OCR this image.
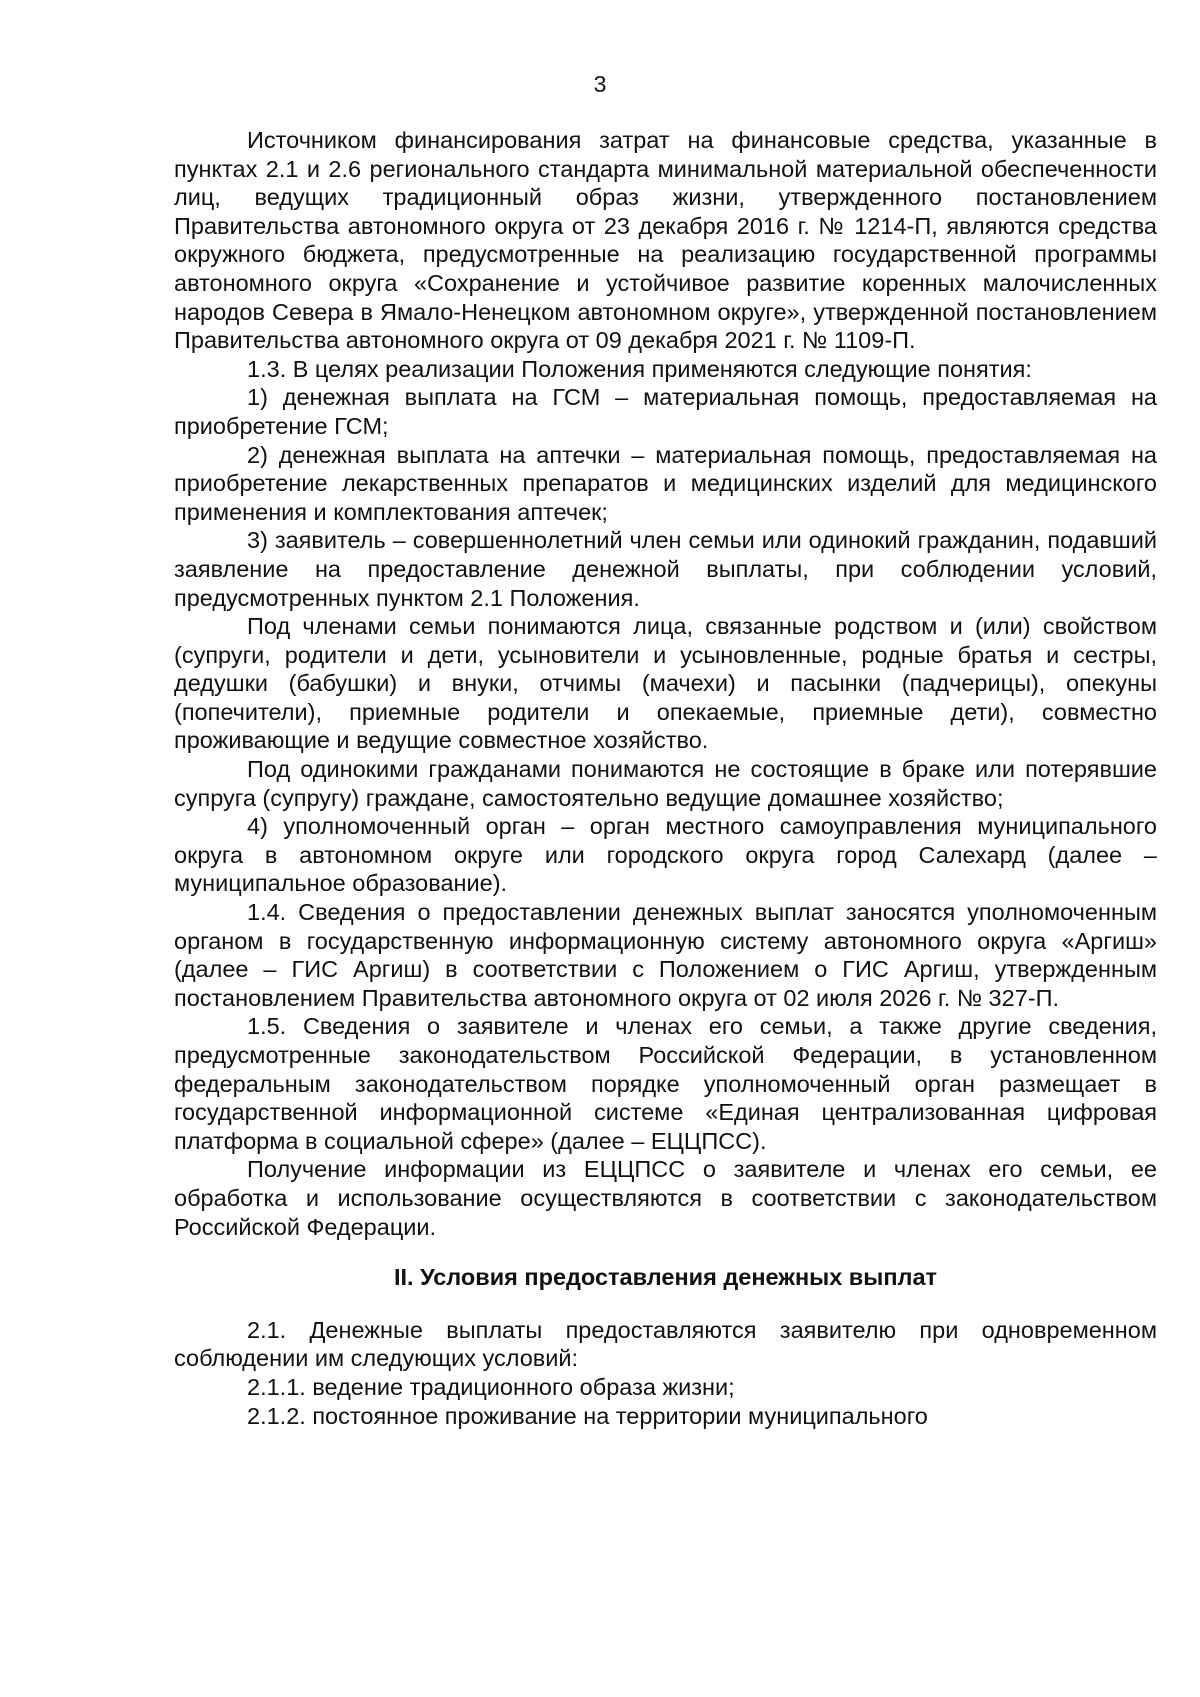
3

Источником финансирования затрат на финансовые средства, указанные в пунктах 2.1 и 2.6 регионального стандарта минимальной материальной обеспеченности лиц, ведущих традиционный образ жизни, утвержденного постановлением Правительства автономного округа от 23 декабря 2016 г. № 1214-П, являются средства окружного бюджета, предусмотренные на реализацию государственной программы автономного округа «Сохранение и устойчивое развитие коренных малочисленных народов Севера в Ямало-Ненецком автономном округе», утвержденной постановлением Правительства автономного округа от 09 декабря 2021 г. № 1109-П.

1.3. В целях реализации Положения применяются следующие понятия:

1) денежная выплата на ГСМ – материальная помощь, предоставляемая на приобретение ГСМ;

2) денежная выплата на аптечки – материальная помощь, предоставляемая на приобретение лекарственных препаратов и медицинских изделий для медицинского применения и комплектования аптечек;

3) заявитель – совершеннолетний член семьи или одинокий гражданин, подавший заявление на предоставление денежной выплаты, при соблюдении условий, предусмотренных пунктом 2.1 Положения.

Под членами семьи понимаются лица, связанные родством и (или) свойством (супруги, родители и дети, усыновители и усыновленные, родные братья и сестры, дедушки (бабушки) и внуки, отчимы (мачехи) и пасынки (падчерицы), опекуны (попечители), приемные родители и опекаемые, приемные дети), совместно проживающие и ведущие совместное хозяйство.

Под одинокими гражданами понимаются не состоящие в браке или потерявшие супруга (супругу) граждане, самостоятельно ведущие домашнее хозяйство;

4) уполномоченный орган – орган местного самоуправления муниципального округа в автономном округе или городского округа город Салехард (далее – муниципальное образование).

1.4. Сведения о предоставлении денежных выплат заносятся уполномоченным органом в государственную информационную систему автономного округа «Аргиш» (далее – ГИС Аргиш) в соответствии с Положением о ГИС Аргиш, утвержденным постановлением Правительства автономного округа от 02 июля 2026 г. № 327-П.

1.5. Сведения о заявителе и членах его семьи, а также другие сведения, предусмотренные законодательством Российской Федерации, в установленном федеральным законодательством порядке уполномоченный орган размещает в государственной информационной системе «Единая централизованная цифровая платформа в социальной сфере» (далее – ЕЦЦПСС).

Получение информации из ЕЦЦПСС о заявителе и членах его семьи, ее обработка и использование осуществляются в соответствии с законодательством Российской Федерации.

II. Условия предоставления денежных выплат

2.1. Денежные выплаты предоставляются заявителю при одновременном соблюдении им следующих условий:

2.1.1. ведение традиционного образа жизни;

2.1.2. постоянное проживание на территории муниципального
